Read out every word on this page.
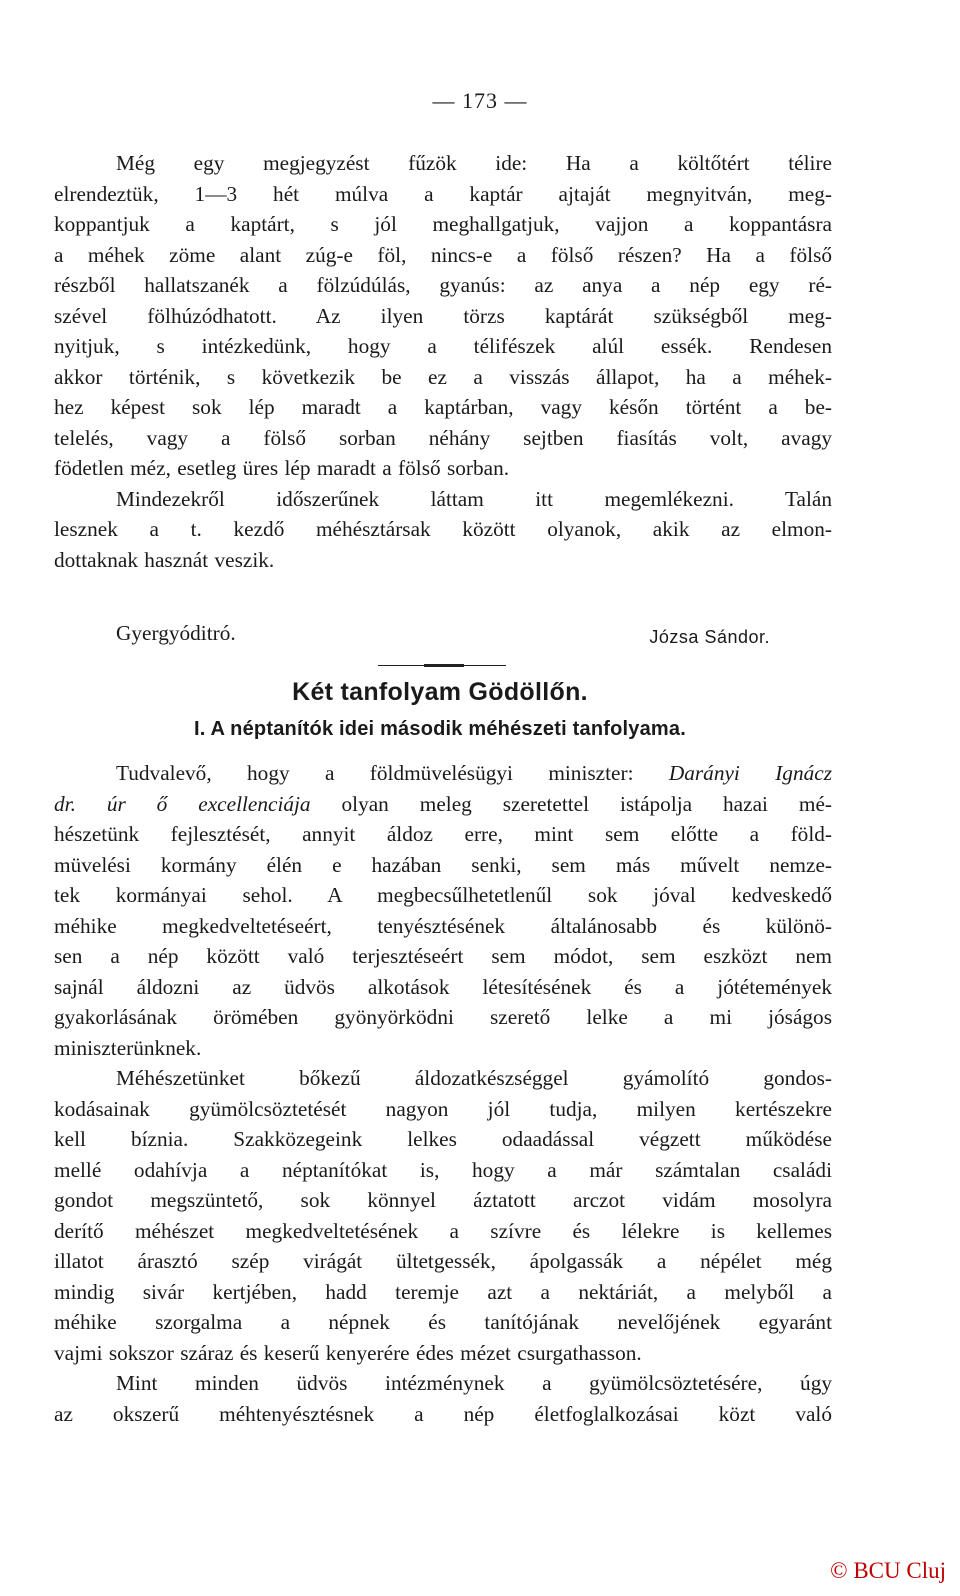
— 173 —

Még egy megjegyzést fűzök ide: Ha a költőtért télire

elrendeztük, 1—3 hét múlva a kaptár ajtaját megnyitván, meg-

koppantjuk a kaptárt, s jól meghallgatjuk, vajjon a koppantásra

a méhek zöme alant zúg-e föl, nincs-e a fölső részen? Ha a fölső

részből hallatszanék a fölzúdúlás, gyanús: az anya a nép egy ré-

szével fölhúzódhatott. Az ilyen törzs kaptárát szükségből meg-

nyitjuk, s intézkedünk, hogy a télifészek alúl essék. Rendesen

akkor történik, s következik be ez a visszás állapot, ha a méhek-

hez képest sok lép maradt a kaptárban, vagy későn történt a be-

telelés, vagy a fölső sorban néhány sejtben fiasítás volt, avagy

födetlen méz, esetleg üres lép maradt a fölső sorban.

Mindezekről időszerűnek láttam itt megemlékezni. Talán

lesznek a t. kezdő méhésztársak között olyanok, akik az elmon-

dottaknak hasznát veszik.

Gyergyóditró.	Józsa Sándor.
Két tanfolyam Gödöllőn.
I. A néptanítók idei második méhészeti tanfolyama.

Tudvalevő, hogy a földmüvelésügyi miniszter: Darányi Ignácz

dr. úr ő excellenciája olyan meleg szeretettel istápolja hazai mé-

hészetünk fejlesztését, annyit áldoz erre, mint sem előtte a föld-

müvelési kormány élén e hazában senki, sem más művelt nemze-

tek kormányai sehol. A megbecsűlhetetlenűl sok jóval kedveskedő

méhike megkedveltetéseért, tenyésztésének általánosabb és különö-

sen a nép között való terjesztéseért sem módot, sem eszközt nem

sajnál áldozni az üdvös alkotások létesítésének és a jótétemények

gyakorlásának örömében gyönyörködni szerető lelke a mi jóságos

miniszterünknek.

Méhészetünket bőkezű áldozatkészséggel gyámolító gondos-

kodásainak gyümölcsöztetését nagyon jól tudja, milyen kertészekre

kell bíznia. Szakközegeink lelkes odaadással végzett működése

mellé odahívja a néptanítókat is, hogy a már számtalan családi

gondot megszüntető, sok könnyel áztatott arczot vidám mosolyra

derítő méhészet megkedveltetésének a szívre és lélekre is kellemes

illatot árasztó szép virágát ültetgessék, ápolgassák a népélet még

mindig sivár kertjében, hadd teremje azt a nektáriát, a melyből a

méhike szorgalma a népnek és tanítójának nevelőjének egyaránt

vajmi sokszor száraz és keserű kenyerére édes mézet csurgathasson.

Mint minden üdvös intézménynek a gyümölcsöztetésére, úgy

az okszerű méhtenyésztésnek a nép életfoglalkozásai közt való

© BCU Cluj
